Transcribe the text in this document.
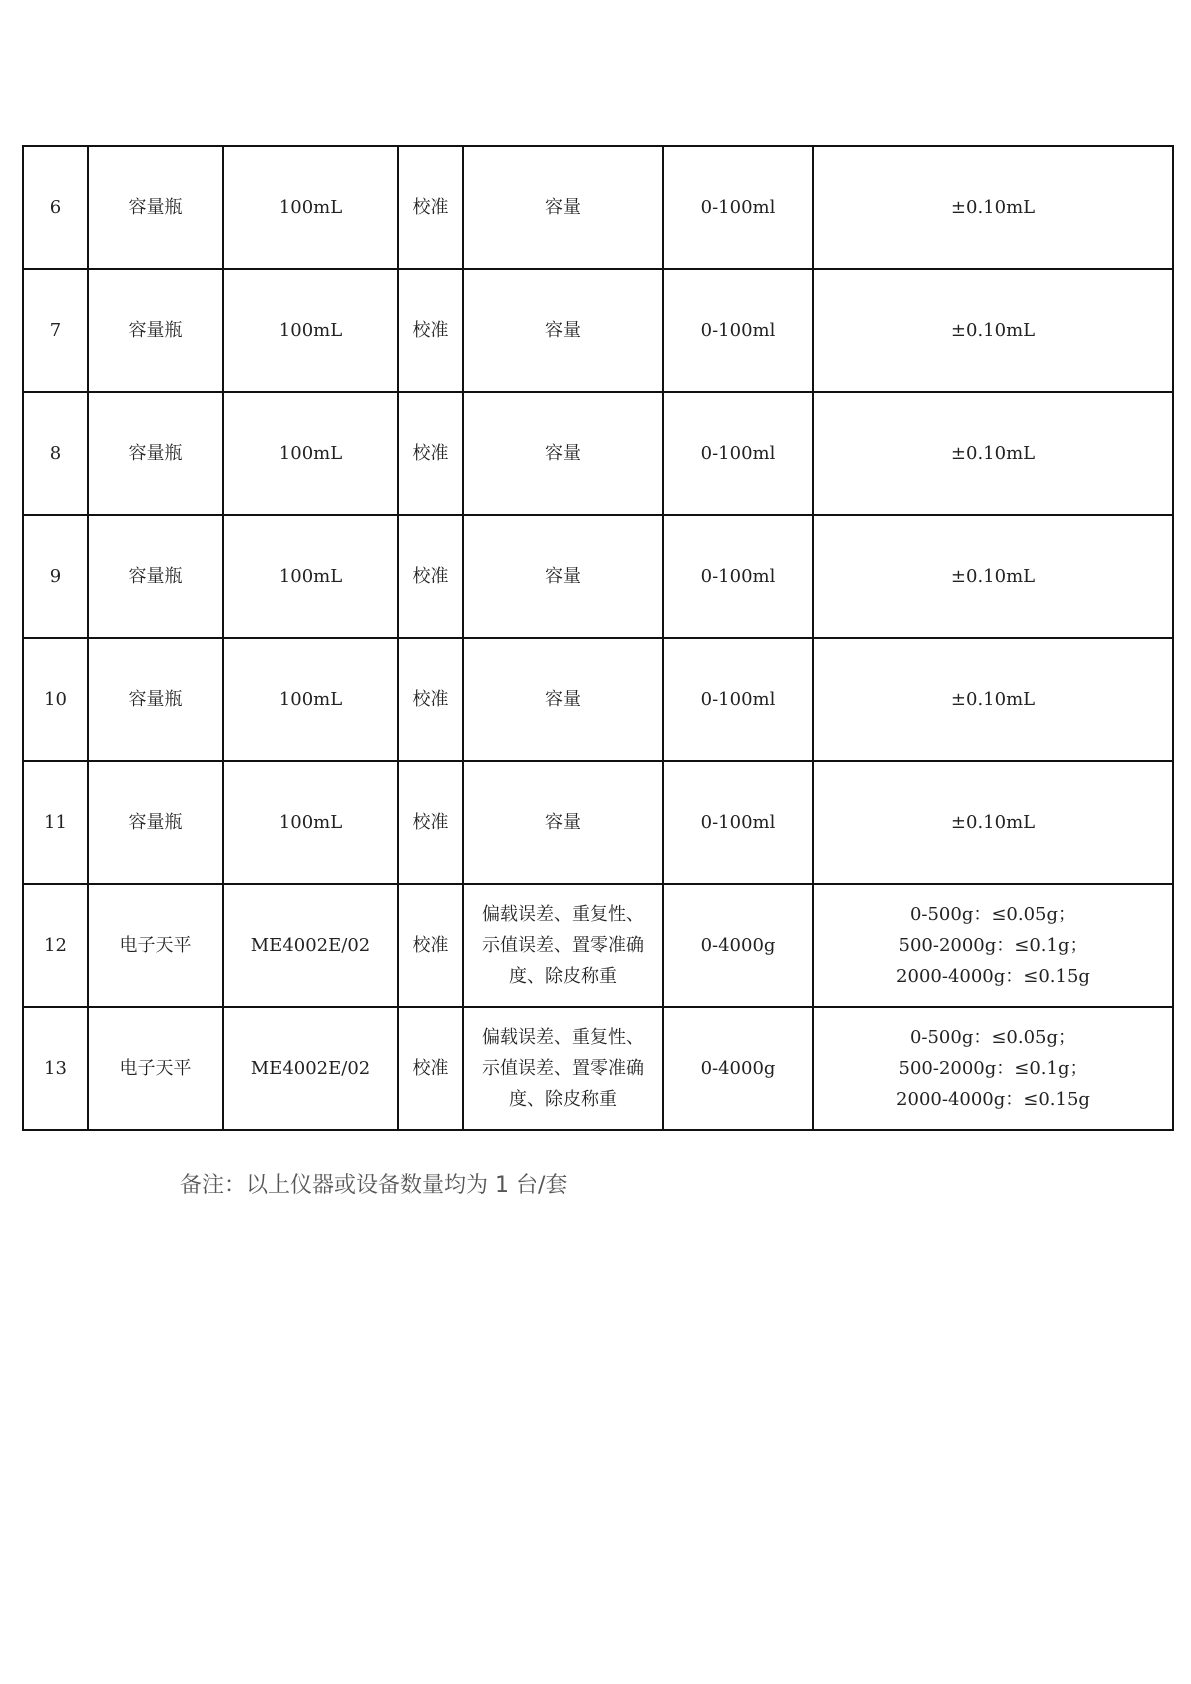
6	容量瓶	100mL	校准	容量	0-100ml	±0.10mL
7	容量瓶	100mL	校准	容量	0-100ml	±0.10mL
8	容量瓶	100mL	校准	容量	0-100ml	±0.10mL
9	容量瓶	100mL	校准	容量	0-100ml	±0.10mL
10	容量瓶	100mL	校准	容量	0-100ml	±0.10mL
11	容量瓶	100mL	校准	容量	0-100ml	±0.10mL
12	电子天平	ME4002E/02	校准	偏载误差、重复性、
示值误差、置零准确
度、除皮称重	0-4000g	0-500g：≤0.05g；
500-2000g：≤0.1g；
2000-4000g：≤0.15g
13	电子天平	ME4002E/02	校准	偏载误差、重复性、
示值误差、置零准确
度、除皮称重	0-4000g	0-500g：≤0.05g；
500-2000g：≤0.1g；
2000-4000g：≤0.15g
备注：以上仪器或设备数量均为 1 台/套
